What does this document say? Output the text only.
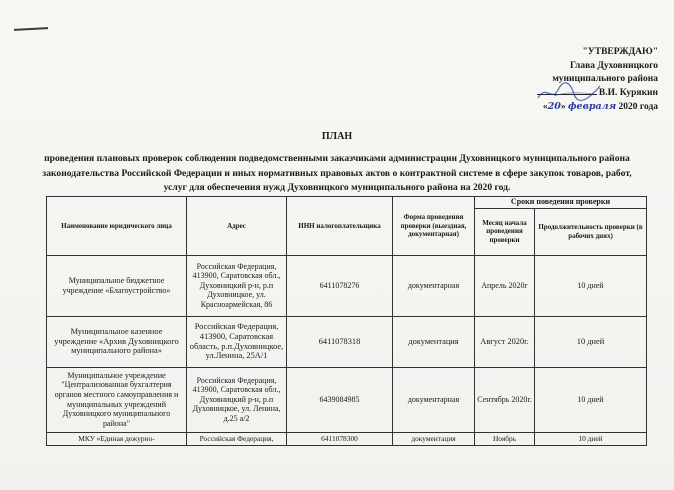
"УТВЕРЖДАЮ"
Глава Духовницкого
муниципального района
В.И. Курякин
«20» февраля 2020 года
ПЛАН
проведения плановых проверок соблюдения подведомственными заказчиками администрации Духовницкого муниципального района законодательства Российской Федерации и иных нормативных правовых актов о контрактной системе в сфере закупок товаров, работ, услуг для обеспечения нужд Духовницкого муниципального района на 2020 год.
Наименование юридического лица	Адрес	ИНН налогоплательщика	Форма проведения проверки (выездная, документарная)	Сроки поведения проверки	
				Месяц начала проведения проверки	Продолжительность проверки (в рабочих днях)
Муниципальное бюджетное учреждение «Благоустройство»	Российская Федерация, 413900, Саратовская обл., Духовницкий р-н, р.п Духовницкое, ул. Красноармейская, 86	6411078276	документарная	Апрель 2020г	10 дней
Муниципальное казенное учреждение «Архив Духовницкого муниципального района»	Российская Федерация, 413900, Саратовская область, р.п.Духовницкое, ул.Ленина, 25А/1	6411078318	документация	Август 2020г.	10 дней
Муниципальное учреждение "Централизованная бухгалтерия органов местного самоуправления и муниципальных учреждений Духовницкого муниципального района"	Российская Федерация, 413900, Саратовская обл., Духовницкий р-н, р.п Духовницкое, ул. Ленина, д.25 а/2	6439084985	документарная	Сентябрь 2020г.	10 дней
МКУ «Единая дежурно-	Российская Федерация,	6411078300	документация	Ноябрь	10 дней
